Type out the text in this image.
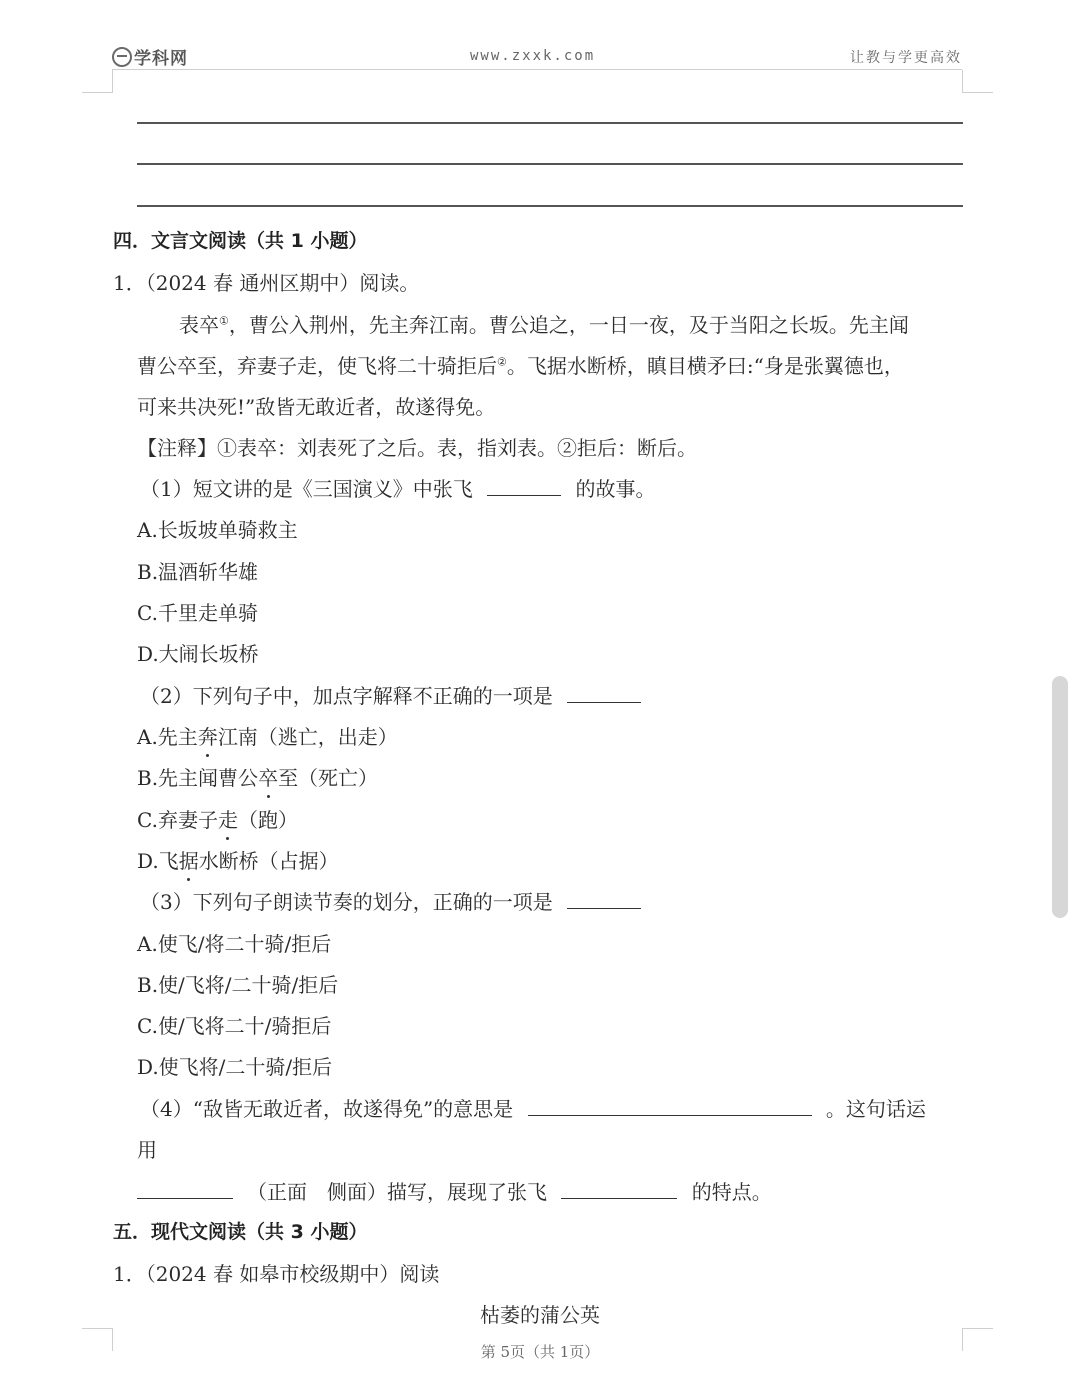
学科网	www.zxxk.com	让教与学更高效
四．文言文阅读（共 1 小题）
1．（2024 春 通州区期中）阅读。
表卒①，曹公入荆州，先主奔江南。曹公追之，一日一夜，及于当阳之长坂。先主闻
曹公卒至，弃妻子走，使飞将二十骑拒后②。飞据水断桥，瞋目横矛曰:“身是张翼德也，
可来共决死!”敌皆无敢近者，故遂得免。
【注释】①表卒：刘表死了之后。表，指刘表。②拒后：断后。
（1）短文讲的是《三国演义》中张飞	的故事。
A.长坂坡单骑救主
B.温酒斩华雄
C.千里走单骑
D.大闹长坂桥
（2）下列句子中，加点字解释不正确的一项是
A.先主奔江南（逃亡，出走）
B.先主闻曹公卒至（死亡）
C.弃妻子走（跑）
D.飞据水断桥（占据）
（3）下列句子朗读节奏的划分，正确的一项是
A.使飞/将二十骑/拒后
B.使/飞将/二十骑/拒后
C.使/飞将二十/骑拒后
D.使飞将/二十骑/拒后
（4）“敌皆无敢近者，故遂得免”的意思是	。这句话运
用
（正面　侧面）描写，展现了张飞	的特点。
五．现代文阅读（共 3 小题）
1．（2024 春 如皋市校级期中）阅读
枯萎的蒲公英
第 5页（共 1页）
